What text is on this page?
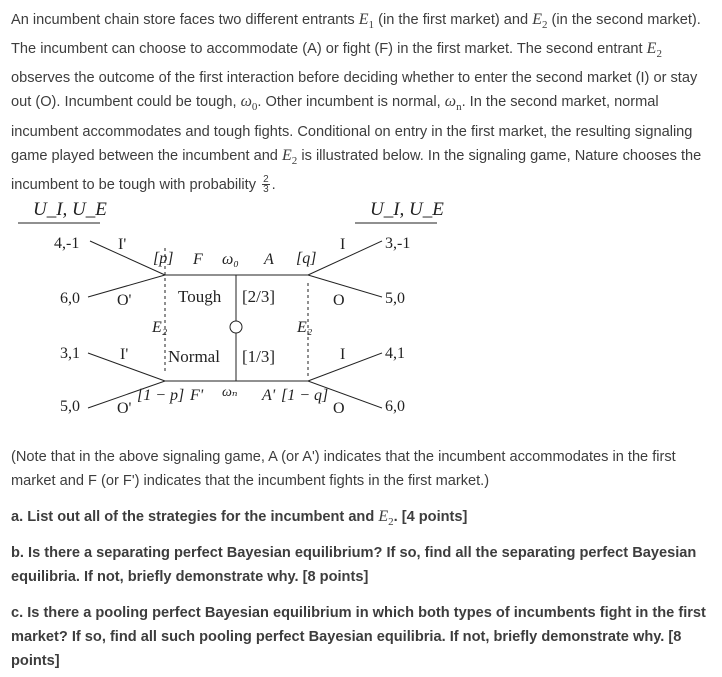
An incumbent chain store faces two different entrants $E_1$ (in the first market) and $E_2$ (in the second market). The incumbent can choose to accommodate (A) or fight (F) in the first market. The second entrant $E_2$ observes the outcome of the first interaction before deciding whether to enter the second market (I) or stay out (O). Incumbent could be tough, $\omega_0$. Other incumbent is normal, $\omega_n$. In the second market, normal incumbent accommodates and tough fights. Conditional on entry in the first market, the resulting signaling game played between the incumbent and $E_2$ is illustrated below. In the signaling game, Nature chooses the incumbent to be tough with probability $\frac{2}{3}$ .

U_I, U_E	U_I, U_E
4,-1
6,0
3,1
5,0
3,-1
5,0
4,1
6,0
I'
O'
I'
O'
I
O
I
O
[p] F ω₀ A [q]
Tough [2/3]
E₂	E₂
Normal [1/3]
[1 − p] F' ωₙ A' [1 − q]

(Note that in the above signaling game, A (or A') indicates that the incumbent accommodates in the first market and F (or F') indicates that the incumbent fights in the first market.)

a. List out all of the strategies for the incumbent and $E_2$. [4 points]

b. Is there a separating perfect Bayesian equilibrium? If so, find all the separating perfect Bayesian equilibria. If not, briefly demonstrate why. [8 points]

c. Is there a pooling perfect Bayesian equilibrium in which both types of incumbents fight in the first market? If so, find all such pooling perfect Bayesian equilibria. If not, briefly demonstrate why. [8 points]
